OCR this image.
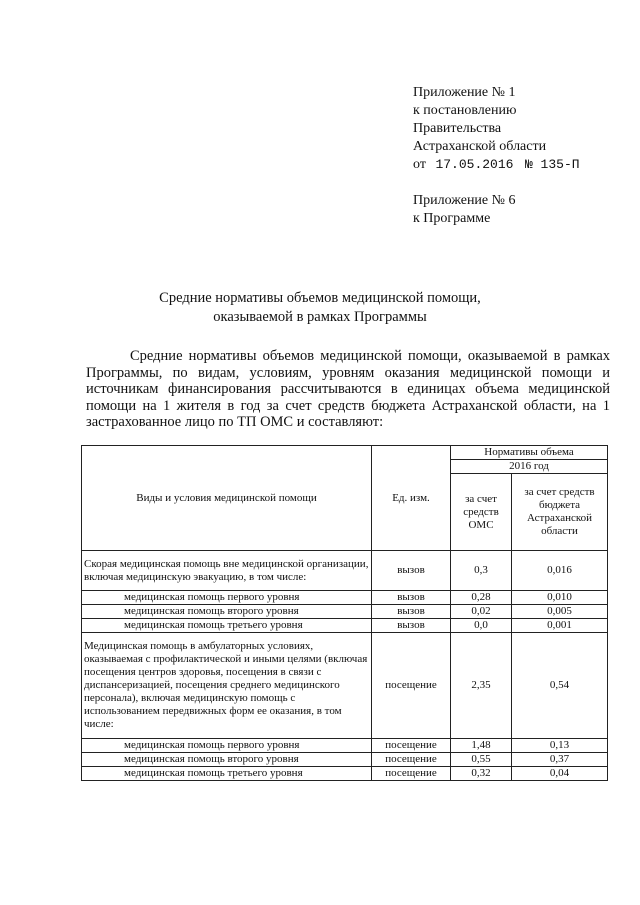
Приложение № 1
к постановлению
Правительства
Астраханской области
от 17.05.2016 № 135-П
Приложение № 6
к Программе
Средние нормативы объемов медицинской помощи,
оказываемой в рамках Программы
Средние нормативы объемов медицинской помощи, оказываемой в рамках Программы, по видам, условиям, уровням оказания медицинской помощи и источникам финансирования рассчитываются в единицах объема медицинской помощи на 1 жителя в год за счет средств бюджета Астраханской области, на 1 застрахованное лицо по ТП ОМС и составляют:
Виды и условия медицинской помощи	Ед. изм.	Нормативы объема	
		2016 год	

		за счет средств ОМС	за счет средств бюджета Астраханской области

Скорая медицинская помощь вне медицинской организации, включая медицинскую эвакуацию, в том числе:	вызов	0,3	0,016
медицинская помощь первого уровня	вызов	0,28	0,010
медицинская помощь второго уровня	вызов	0,02	0,005
медицинская помощь третьего уровня	вызов	0,0	0,001
Медицинская помощь в амбулаторных условиях, оказываемая с профилактической и иными целями (включая посещения центров здоровья, посещения в связи с диспансеризацией, посещения среднего медицинского персонала), включая медицинскую помощь с использованием передвижных форм ее оказания, в том числе:	посещение	2,35	0,54
медицинская помощь первого уровня	посещение	1,48	0,13
медицинская помощь второго уровня	посещение	0,55	0,37
медицинская помощь третьего уровня	посещение	0,32	0,04
